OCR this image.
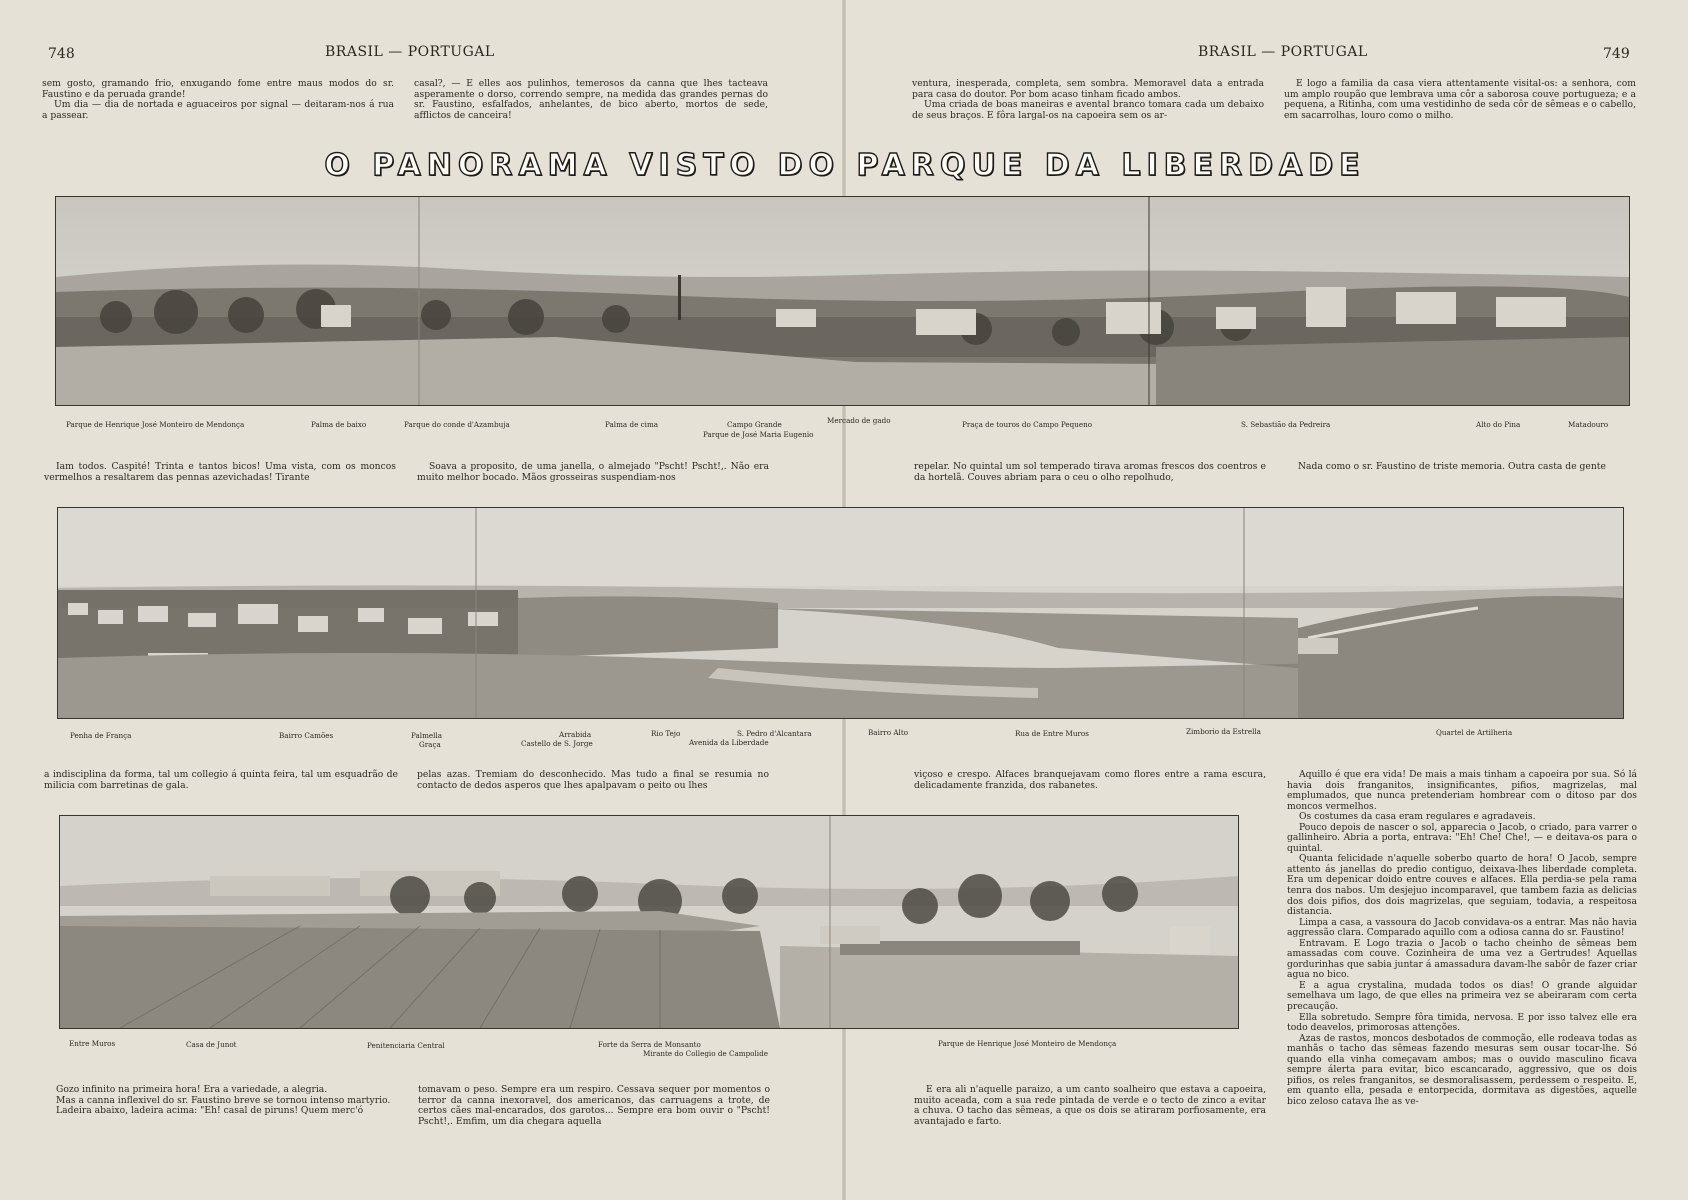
748	BRASIL — PORTUGAL	BRASIL — PORTUGAL	749

sem gosto, gramando frio, enxugando fome entre maus modos do sr. Faustino e da peruada grande!

Um dia — dia de nortada e aguaceiros por signal — deitaram-nos á rua a passear.

casal?, — E elles aos pulinhos, temerosos da canna que lhes tacteava asperamente o dorso, correndo sempre, na medida das grandes pernas do sr. Faustino, esfalfados, anhelantes, de bico aberto, mortos de sede, afflictos de canceira!

ventura, inesperada, completa, sem sombra. Memoravel data a entrada para casa do doutor. Por bom acaso tinham ficado ambos.

Uma criada de boas maneiras e avental branco tomara cada um debaixo de seus braços. E fôra largal-os na capoeira sem os ar-

E logo a familia da casa viera attentamente visital-os: a senhora, com um amplo roupão que lembrava uma côr a saborosa couve portugueza; e a pequena, a Ritinha, com uma vestidinho de seda côr de sêmeas e o cabello, em sacarrolhas, louro como o milho.

O PANORAMA VISTO DO PARQUE DA LIBERDADE
Parque de Henrique José Monteiro de Mendonça	Palma de baixo	Parque do conde d'Azambuja	Palma de cima	Campo Grande
Parque de José Maria Eugenio
Mercado de gado	Praça de touros do Campo Pequeno	S. Sebastião da Pedreira	Alto do Pina	Matadouro

Iam todos. Caspité! Trinta e tantos bicos! Uma vista, com os moncos vermelhos a resaltarem das pennas azevichadas! Tirante

Soava a proposito, de uma janella, o almejado "Pscht! Pscht!,. Não era muito melhor bocado. Mãos grosseiras suspendiam-nos

repelar. No quintal um sol temperado tirava aromas frescos dos coentros e da hortelã. Couves abriam para o ceu o olho repolhudo,

Nada como o sr. Faustino de triste memoria. Outra casta de gente

Penha de França	Bairro Camões	Palmella
Graça
Arrabida
Castello de S. Jorge
Rio Tejo	S. Pedro d'Alcantara
Avenida da Liberdade
Bairro Alto	Rua de Entre Muros	Zimborio da Estrella	Quartel de Artilheria

a indisciplina da forma, tal um collegio á quinta feira, tal um esquadrão de milicia com barretinas de gala.

pelas azas. Tremiam do desconhecido. Mas tudo a final se resumia no contacto de dedos asperos que lhes apalpavam o peito ou lhes

viçoso e crespo. Alfaces branquejavam como flores entre a rama escura, delicadamente franzida, dos rabanetes.

Aquillo é que era vida! De mais a mais tinham a capoeira por sua. Só lá havia dois franganitos, insignificantes, pifios, magrizelas, mal emplumados, que nunca pretenderiam hombrear com o ditoso par dos moncos vermelhos.

Os costumes da casa eram regulares e agradaveis.

Pouco depois de nascer o sol, apparecia o Jacob, o criado, para varrer o gallinheiro. Abria a porta, entrava: "Eh! Che! Che!, — e deitava-os para o quintal.

Quanta felicidade n'aquelle soberbo quarto de hora! O Jacob, sempre attento ás janellas do predio contiguo, deixava-lhes liberdade completa. Era um depenicar doido entre couves e alfaces. Ella perdia-se pela rama tenra dos nabos. Um desjejuo incomparavel, que tambem fazia as delicias dos dois pifios, dos dois magrizelas, que seguiam, todavia, a respeitosa distancia.

Limpa a casa, a vassoura do Jacob convidava-os a entrar. Mas não havia aggressão clara. Comparado aquillo com a odiosa canna do sr. Faustino!

Entravam. E Logo trazia o Jacob o tacho cheinho de sêmeas bem amassadas com couve. Cozinheira de uma vez a Gertrudes! Aquellas gordurinhas que sabia juntar á amassadura davam-lhe sabôr de fazer criar agua no bico.

E a agua crystalina, mudada todos os dias! O grande alguidar semelhava um lago, de que elles na primeira vez se abeiraram com certa precaução.

Ella sobretudo. Sempre fôra timida, nervosa. E por isso talvez elle era todo deavelos, primorosas attenções.

Azas de rastos, moncos desbotados de commoção, elle rodeava todas as manhãs o tacho das sêmeas fazendo mesuras sem ousar tocar-lhe. Só quando ella vinha começavam ambos; mas o ouvido masculino ficava sempre álerta para evitar, bico escancarado, aggressivo, que os dois pifios, os reles franganitos, se desmoralisassem, perdessem o respeito. E, em quanto ella, pesada e entorpecida, dormitava as digestões, aquelle bico zeloso catava lhe as ve-

Entre Muros	Casa de Junot	Penitenciaria Central	Forte da Serra de Monsanto
Mirante do Collegio de Campolide
Parque de Henrique José Monteiro de Mendonça

Gozo infinito na primeira hora! Era a variedade, a alegria.

Mas a canna inflexivel do sr. Faustino breve se tornou intenso martyrio.

Ladeira abaixo, ladeira acima: "Eh! casal de piruns! Quem merc'ó

tomavam o peso. Sempre era um respiro. Cessava sequer por momentos o terror da canna inexoravel, dos americanos, das carruagens a trote, de certos cães mal-encarados, dos garotos... Sempre era bom ouvir o "Pscht! Pscht!,. Emfim, um dia chegara aquella

E era ali n'aquelle paraizo, a um canto soalheiro que estava a capoeira, muito aceada, com a sua rede pintada de verde e o tecto de zinco a evitar a chuva. O tacho das sêmeas, a que os dois se atiraram porfiosamente, era avantajado e farto.
